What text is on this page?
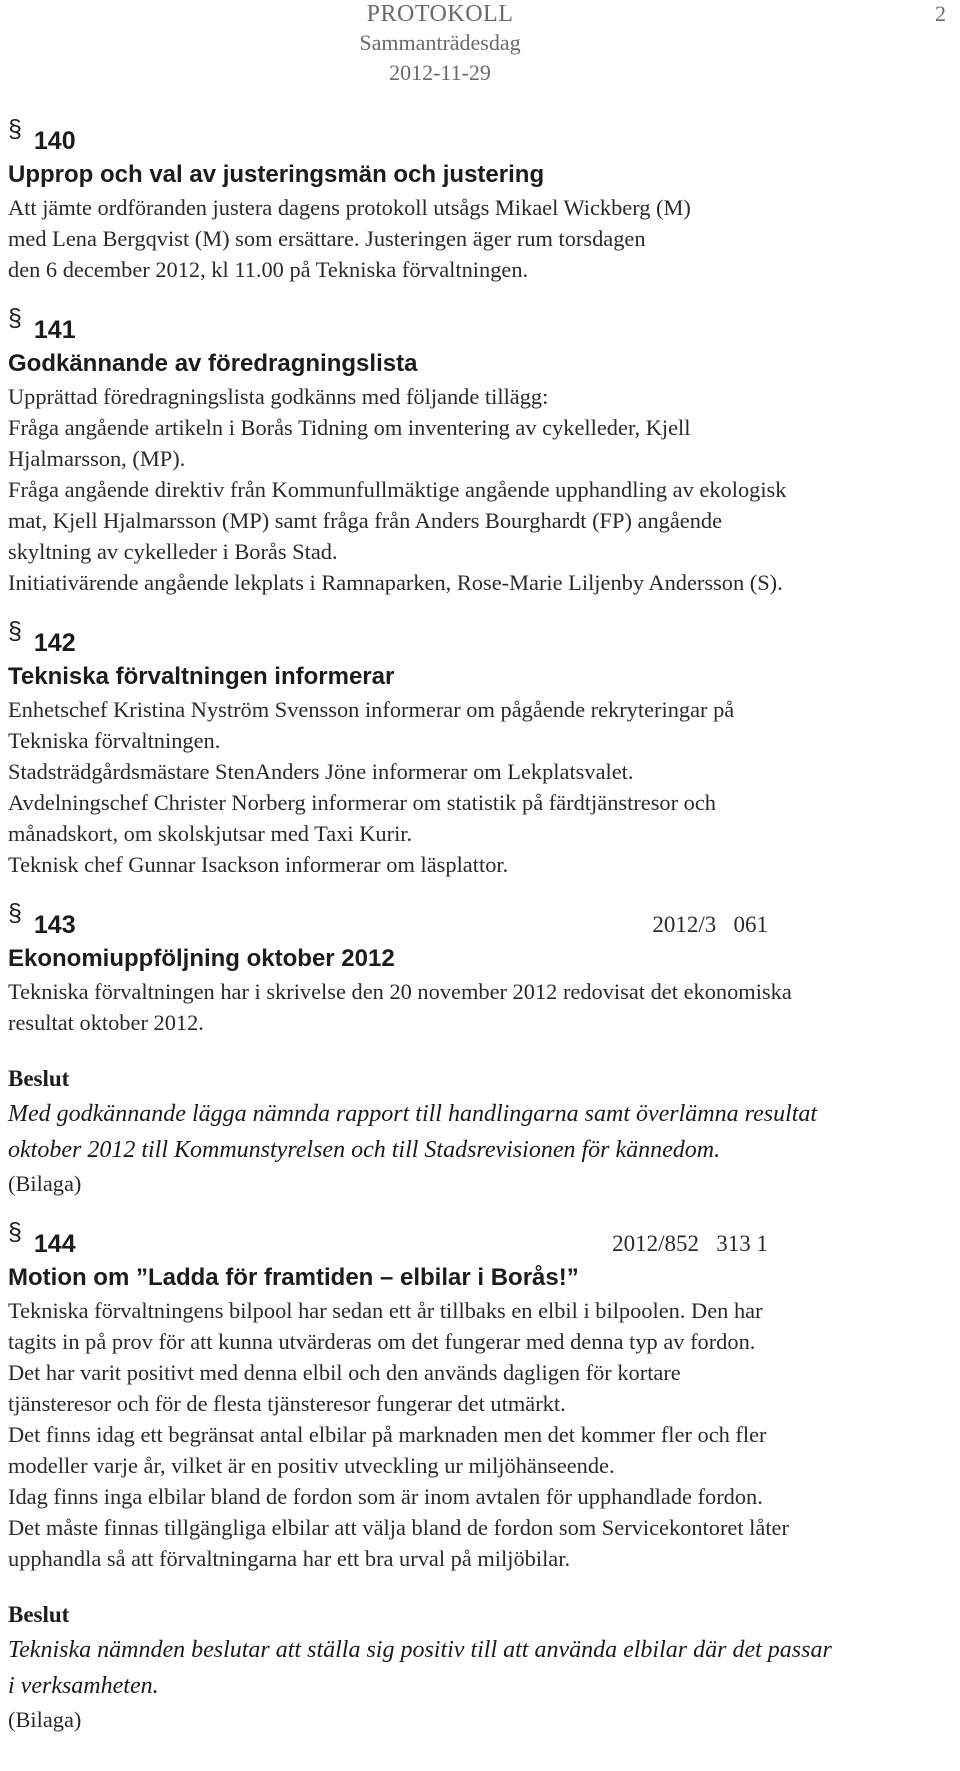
PROTOKOLL
Sammanträdesdag
2012-11-29
2
§ 140
Upprop och val av justeringsmän och justering
Att jämte ordföranden justera dagens protokoll utsågs Mikael Wickberg (M)
med Lena Bergqvist (M) som ersättare. Justeringen äger rum torsdagen
den 6 december 2012, kl 11.00 på Tekniska förvaltningen.
§ 141
Godkännande av föredragningslista
Upprättad föredragningslista godkänns med följande tillägg:
Fråga angående artikeln i Borås Tidning om inventering av cykelleder, Kjell
Hjalmarsson, (MP).
Fråga angående direktiv från Kommunfullmäktige angående upphandling av ekologisk
mat, Kjell Hjalmarsson (MP) samt fråga från Anders Bourghardt (FP) angående
skyltning av cykelleder i Borås Stad.
Initiativärende angående lekplats i Ramnaparken, Rose-Marie Liljenby Andersson (S).
§ 142
Tekniska förvaltningen informerar
Enhetschef Kristina Nyström Svensson informerar om pågående rekryteringar på
Tekniska förvaltningen.
Stadsträdgårdsmästare StenAnders Jöne informerar om Lekplatsvalet.
Avdelningschef Christer Norberg informerar om statistik på färdtjänstresor och
månadskort, om skolskjutsar med Taxi Kurir.
Teknisk chef Gunnar Isackson informerar om läsplattor.
§ 143	2012/3   061
Ekonomiuppföljning oktober 2012
Tekniska förvaltningen har i skrivelse den 20 november 2012 redovisat det ekonomiska
resultat oktober 2012.
Beslut
Med godkännande lägga nämnda rapport till handlingarna samt överlämna resultat
oktober 2012 till Kommunstyrelsen och till Stadsrevisionen för kännedom.
(Bilaga)
§ 144	2012/852   313 1
Motion om ”Ladda för framtiden – elbilar i Borås!”
Tekniska förvaltningens bilpool har sedan ett år tillbaks en elbil i bilpoolen. Den har
tagits in på prov för att kunna utvärderas om det fungerar med denna typ av fordon.
Det har varit positivt med denna elbil och den används dagligen för kortare
tjänsteresor och för de flesta tjänsteresor fungerar det utmärkt.
Det finns idag ett begränsat antal elbilar på marknaden men det kommer fler och fler
modeller varje år, vilket är en positiv utveckling ur miljöhänseende.
Idag finns inga elbilar bland de fordon som är inom avtalen för upphandlade fordon.
Det måste finnas tillgängliga elbilar att välja bland de fordon som Servicekontoret låter
upphandla så att förvaltningarna har ett bra urval på miljöbilar.
Beslut
Tekniska nämnden beslutar att ställa sig positiv till att använda elbilar där det passar
i verksamheten.
(Bilaga)
